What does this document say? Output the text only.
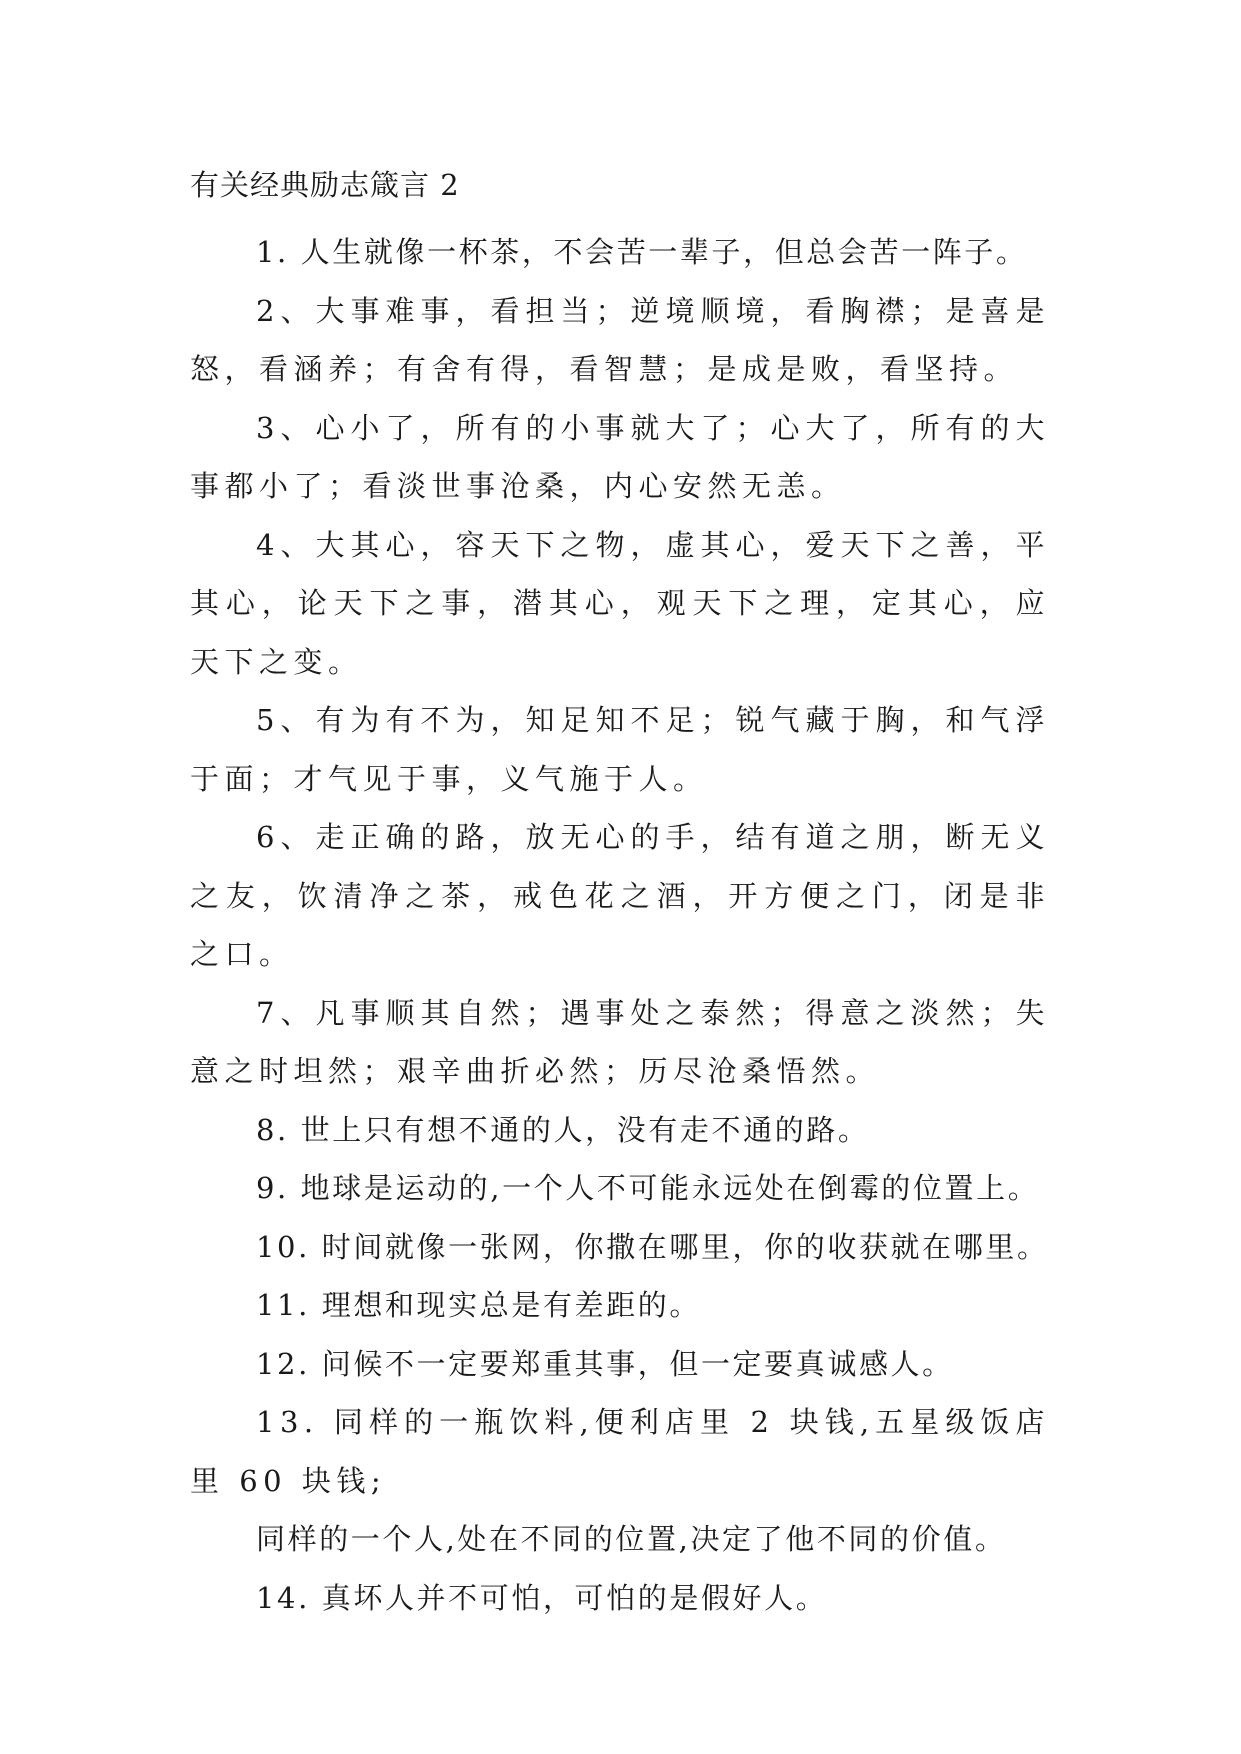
有关经典励志箴言 2

1. 人生就像一杯茶，不会苦一辈子，但总会苦一阵子。

2、大事难事，看担当；逆境顺境，看胸襟；是喜是怒，看涵养；有舍有得，看智慧；是成是败，看坚持。

3、心小了，所有的小事就大了；心大了，所有的大事都小了；看淡世事沧桑，内心安然无恙。

4、大其心，容天下之物，虚其心，爱天下之善，平其心，论天下之事，潜其心，观天下之理，定其心，应天下之变。

5、有为有不为，知足知不足；锐气藏于胸，和气浮于面；才气见于事，义气施于人。

6、走正确的路，放无心的手，结有道之朋，断无义之友，饮清净之茶，戒色花之酒，开方便之门，闭是非之口。

7、凡事顺其自然；遇事处之泰然；得意之淡然；失意之时坦然；艰辛曲折必然；历尽沧桑悟然。

8. 世上只有想不通的人，没有走不通的路。

9. 地球是运动的,一个人不可能永远处在倒霉的位置上。

10. 时间就像一张网，你撒在哪里，你的收获就在哪里。

11. 理想和现实总是有差距的。

12. 问候不一定要郑重其事，但一定要真诚感人。

13. 同样的一瓶饮料,便利店里 2 块钱,五星级饭店里 60 块钱;

同样的一个人,处在不同的位置,决定了他不同的价值。

14. 真坏人并不可怕，可怕的是假好人。
